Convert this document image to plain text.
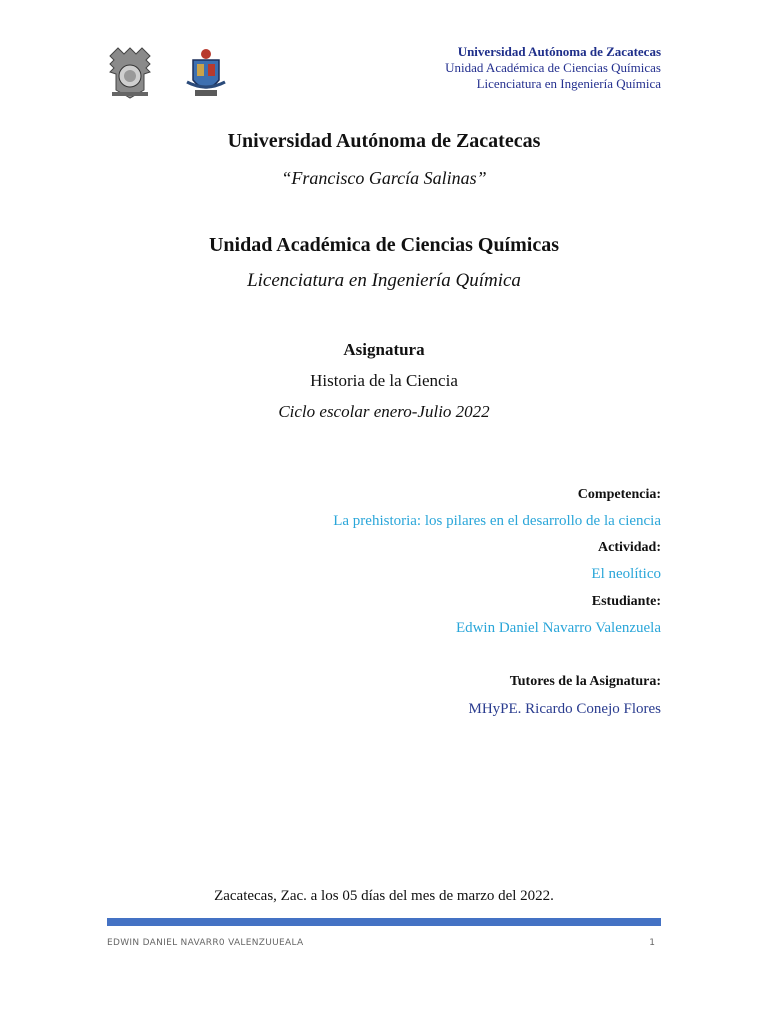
Universidad Autónoma de Zacatecas
Unidad Académica de Ciencias Químicas
Licenciatura en Ingeniería Química
Universidad Autónoma de Zacatecas
“Francisco García Salinas”
Unidad Académica de Ciencias Químicas
Licenciatura en Ingeniería Química
Asignatura
Historia de la Ciencia
Ciclo escolar enero-Julio 2022
Competencia:
La prehistoria: los pilares en el desarrollo de la ciencia
Actividad:
El neolítico
Estudiante:
Edwin Daniel Navarro Valenzuela
Tutores de la Asignatura:
MHyPE. Ricardo Conejo Flores
Zacatecas, Zac. a los 05 días del mes de marzo del 2022.
EDWIN DANIEL NAVARR0 VALENZUUEALA	1
